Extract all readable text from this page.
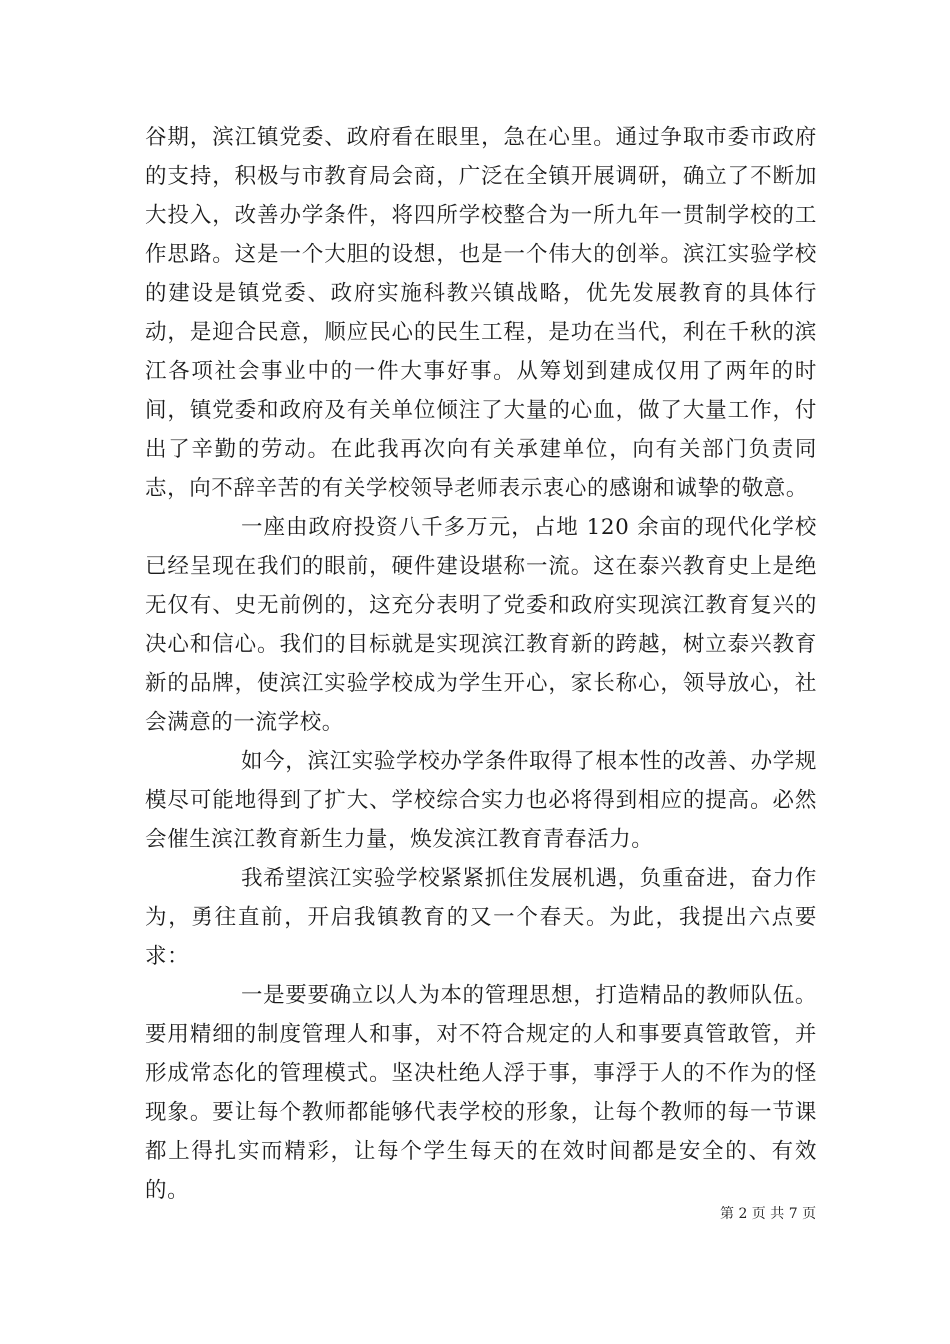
谷期，滨江镇党委、政府看在眼里，急在心里。通过争取市委市政府的支持，积极与市教育局会商，广泛在全镇开展调研，确立了不断加大投入，改善办学条件，将四所学校整合为一所九年一贯制学校的工作思路。这是一个大胆的设想，也是一个伟大的创举。滨江实验学校的建设是镇党委、政府实施科教兴镇战略，优先发展教育的具体行动，是迎合民意，顺应民心的民生工程，是功在当代，利在千秋的滨江各项社会事业中的一件大事好事。从筹划到建成仅用了两年的时间，镇党委和政府及有关单位倾注了大量的心血，做了大量工作，付出了辛勤的劳动。在此我再次向有关承建单位，向有关部门负责同志，向不辞辛苦的有关学校领导老师表示衷心的感谢和诚挚的敬意。

一座由政府投资八千多万元，占地 120 余亩的现代化学校已经呈现在我们的眼前，硬件建设堪称一流。这在泰兴教育史上是绝无仅有、史无前例的，这充分表明了党委和政府实现滨江教育复兴的决心和信心。我们的目标就是实现滨江教育新的跨越，树立泰兴教育新的品牌，使滨江实验学校成为学生开心，家长称心，领导放心，社会满意的一流学校。

如今，滨江实验学校办学条件取得了根本性的改善、办学规模尽可能地得到了扩大、学校综合实力也必将得到相应的提高。必然会催生滨江教育新生力量，焕发滨江教育青春活力。

我希望滨江实验学校紧紧抓住发展机遇，负重奋进，奋力作为，勇往直前，开启我镇教育的又一个春天。为此，我提出六点要求：

一是要要确立以人为本的管理思想，打造精品的教师队伍。要用精细的制度管理人和事，对不符合规定的人和事要真管敢管，并形成常态化的管理模式。坚决杜绝人浮于事，事浮于人的不作为的怪现象。要让每个教师都能够代表学校的形象，让每个教师的每一节课都上得扎实而精彩，让每个学生每天的在效时间都是安全的、有效的。

第 2 页 共 7 页
